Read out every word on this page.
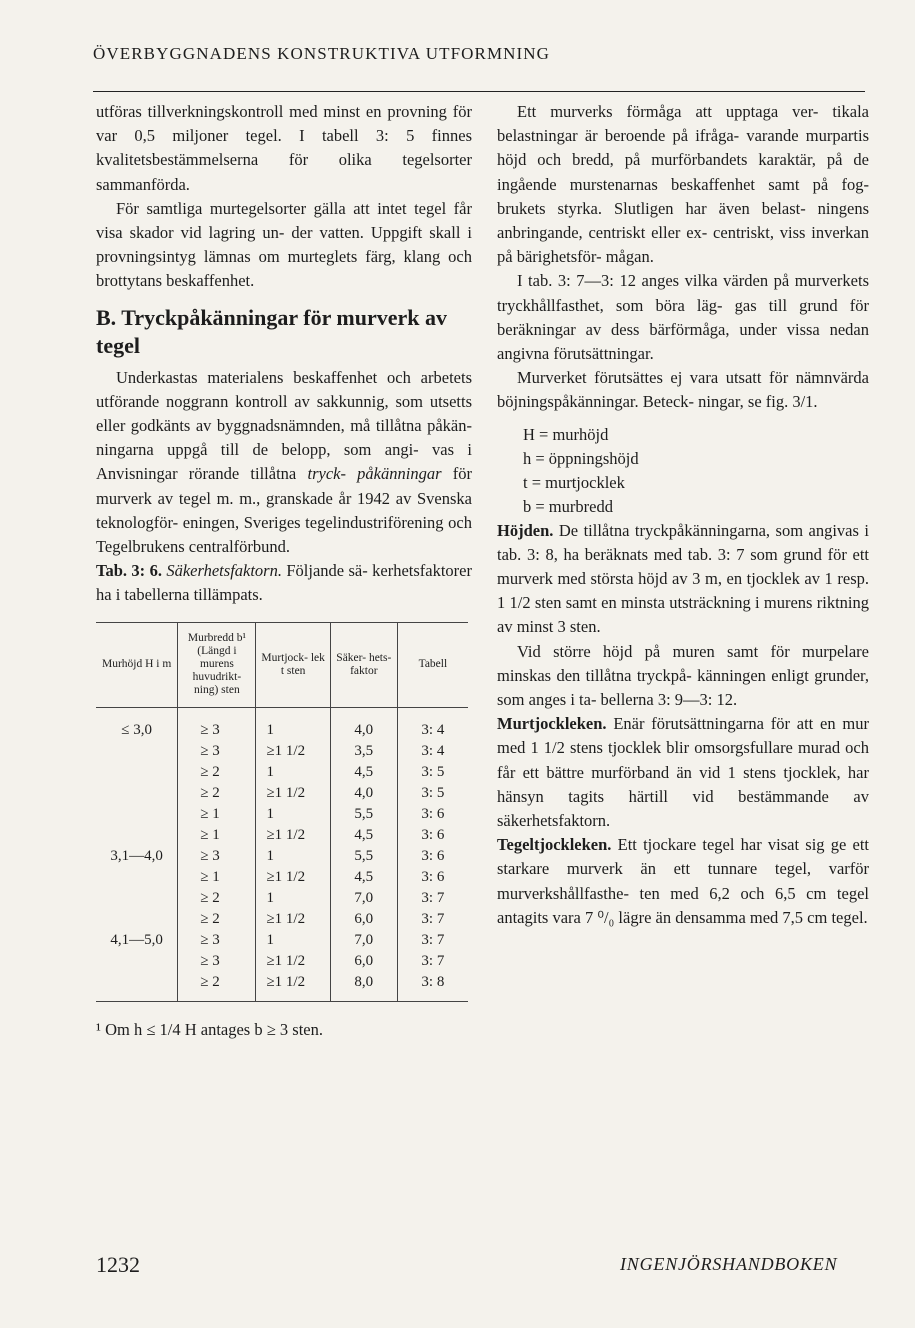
ÖVERBYGGNADENS KONSTRUKTIVA UTFORMNING

utföras tillverkningskontroll med minst en provning för var 0,5 miljoner tegel. I tabell 3: 5 finnes kvalitetsbestämmelserna för olika tegelsorter sammanförda.

För samtliga murtegelsorter gälla att intet tegel får visa skador vid lagring un- der vatten. Uppgift skall i provningsintyg lämnas om murteglets färg, klang och brottytans beskaffenhet.

B. Tryckpåkänningar för murverk av tegel

Underkastas materialens beskaffenhet och arbetets utförande noggrann kontroll av sakkunnig, som utsetts eller godkänts av byggnadsnämnden, må tillåtna påkän- ningarna uppgå till de belopp, som angi- vas i Anvisningar rörande tillåtna tryck- påkänningar för murverk av tegel m. m., granskade år 1942 av Svenska teknologför- eningen, Sveriges tegelindustriförening och Tegelbrukens centralförbund.

Tab. 3: 6. Säkerhetsfaktorn. Följande sä- kerhetsfaktorer ha i tabellerna tillämpats.

Murhöjd H i m	Murbredd b¹ (Längd i murens huvudrikt- ning) sten	Murtjock- lek t sten	Säker- hets- faktor	Tabell
≤ 3,0	≥ 3	1	4,0	3: 4
	≥ 3	≥1 1/2	3,5	3: 4
	≥ 2	1	4,5	3: 5
	≥ 2	≥1 1/2	4,0	3: 5
	≥ 1	1	5,5	3: 6
	≥ 1	≥1 1/2	4,5	3: 6
3,1—4,0	≥ 3	1	5,5	3: 6
	≥ 1	≥1 1/2	4,5	3: 6
	≥ 2	1	7,0	3: 7
	≥ 2	≥1 1/2	6,0	3: 7
4,1—5,0	≥ 3	1	7,0	3: 7
	≥ 3	≥1 1/2	6,0	3: 7
	≥ 2	≥1 1/2	8,0	3: 8

¹ Om h ≤ 1/4 H antages b ≥ 3 sten.

Ett murverks förmåga att upptaga ver- tikala belastningar är beroende på ifråga- varande murpartis höjd och bredd, på murförbandets karaktär, på de ingående murstenarnas beskaffenhet samt på fog- brukets styrka. Slutligen har även belast- ningens anbringande, centriskt eller ex- centriskt, viss inverkan på bärighetsför- mågan.

I tab. 3: 7—3: 12 anges vilka värden på murverkets tryckhållfasthet, som böra läg- gas till grund för beräkningar av dess bärförmåga, under vissa nedan angivna förutsättningar.

Murverket förutsättes ej vara utsatt för nämnvärda böjningspåkänningar. Beteck- ningar, se fig. 3/1.

H = murhöjd
h = öppningshöjd
t = murtjocklek
b = murbredd

Höjden. De tillåtna tryckpåkänningarna, som angivas i tab. 3: 8, ha beräknats med tab. 3: 7 som grund för ett murverk med största höjd av 3 m, en tjocklek av 1 resp. 1 1/2 sten samt en minsta utsträckning i murens riktning av minst 3 sten.

Vid större höjd på muren samt för murpelare minskas den tillåtna tryckpå- känningen enligt grunder, som anges i ta- bellerna 3: 9—3: 12.

Murtjockleken. Enär förutsättningarna för att en mur med 1 1/2 stens tjocklek blir omsorgsfullare murad och får ett bättre murförband än vid 1 stens tjocklek, har hänsyn tagits härtill vid bestämmande av säkerhetsfaktorn.

Tegeltjockleken. Ett tjockare tegel har visat sig ge ett starkare murverk än ett tunnare tegel, varför murverkshållfasthe- ten med 6,2 och 6,5 cm tegel antagits vara 7 ⁰/₀ lägre än densamma med 7,5 cm tegel.

1232	INGENJÖRSHANDBOKEN
